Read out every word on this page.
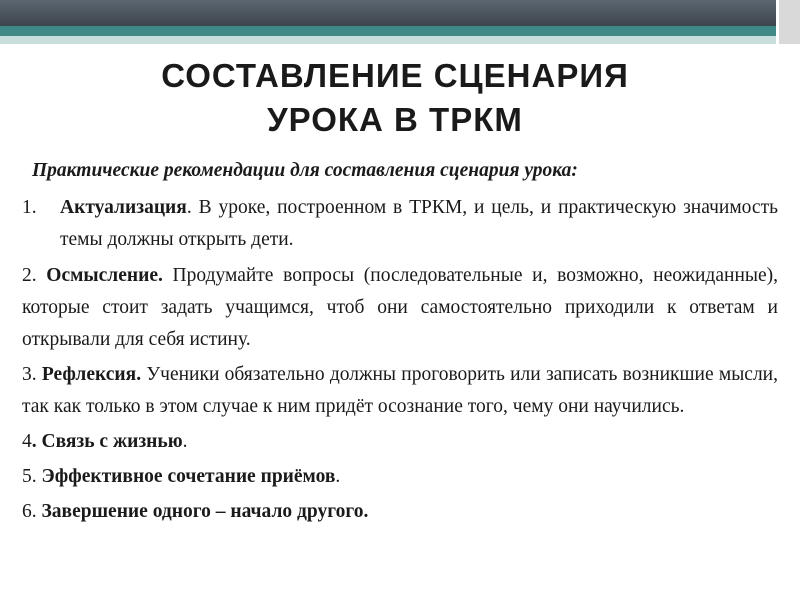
СОСТАВЛЕНИЕ СЦЕНАРИЯ
УРОКА В ТРКМ
Практические рекомендации для составления сценария урока:

1. Актуализация. В уроке, построенном в ТРКМ, и цель, и практическую значимость темы должны открыть дети.

2. Осмысление. Продумайте вопросы (последовательные и, возможно, неожиданные), которые стоит задать учащимся, чтоб они самостоятельно приходили к ответам и открывали для себя истину.

3. Рефлексия. Ученики обязательно должны проговорить или записать возникшие мысли, так как только в этом случае к ним придёт осознание того, чему они научились.

4. Связь с жизнью.

5. Эффективное сочетание приёмов.

6. Завершение одного – начало другого.
